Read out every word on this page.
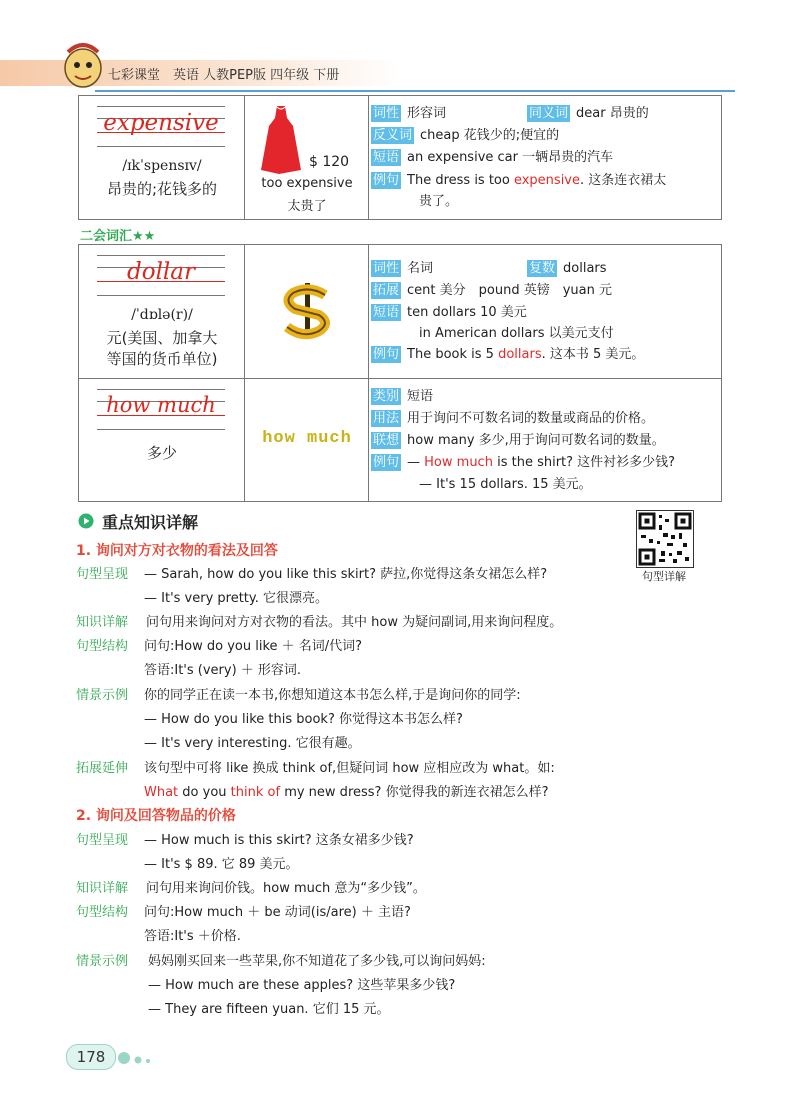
七彩课堂　英语 人教PEP版 四年级 下册
expensive
/ɪkˈspensɪv/
昂贵的;花钱多的
$ 120
too expensive
太贵了
词性 形容词	同义词 dear 昂贵的
反义词 cheap 花钱少的;便宜的
短语 an expensive car 一辆昂贵的汽车
例句 The dress is too expensive. 这条连衣裙太
贵了。
二会词汇★★
dollar
/ˈdɒlə(r)/
元(美国、加拿大
等国的货币单位)
词性 名词	复数 dollars
拓展 cent 美分　pound 英镑　yuan 元
短语 ten dollars 10 美元
in American dollars 以美元支付
例句 The book is 5 dollars. 这本书 5 美元。
how much
多少
how much
类别 短语
用法 用于询问不可数名词的数量或商品的价格。
联想 how many 多少,用于询问可数名词的数量。
例句 — How much is the shirt? 这件衬衫多少钱?
— It's 15 dollars. 15 美元。
重点知识详解
句型详解
1. 询问对方对衣物的看法及回答
句型呈现 — Sarah, how do you like this skirt? 萨拉,你觉得这条女裙怎么样?
— It's very pretty. 它很漂亮。
知识详解 问句用来询问对方对衣物的看法。其中 how 为疑问副词,用来询问程度。
句型结构 问句:How do you like ＋ 名词/代词?
答语:It's (very) ＋ 形容词.
情景示例 你的同学正在读一本书,你想知道这本书怎么样,于是询问你的同学:
— How do you like this book? 你觉得这本书怎么样?
— It's very interesting. 它很有趣。
拓展延伸 该句型中可将 like 换成 think of,但疑问词 how 应相应改为 what。如:
What do you think of my new dress? 你觉得我的新连衣裙怎么样?
2. 询问及回答物品的价格
句型呈现 — How much is this skirt? 这条女裙多少钱?
— It's $ 89. 它 89 美元。
知识详解 问句用来询问价钱。how much 意为“多少钱”。
句型结构 问句:How much ＋ be 动词(is/are) ＋ 主语?
答语:It's ＋价格.
情景示例 妈妈刚买回来一些苹果,你不知道花了多少钱,可以询问妈妈:
— How much are these apples? 这些苹果多少钱?
— They are fifteen yuan. 它们 15 元。
178
